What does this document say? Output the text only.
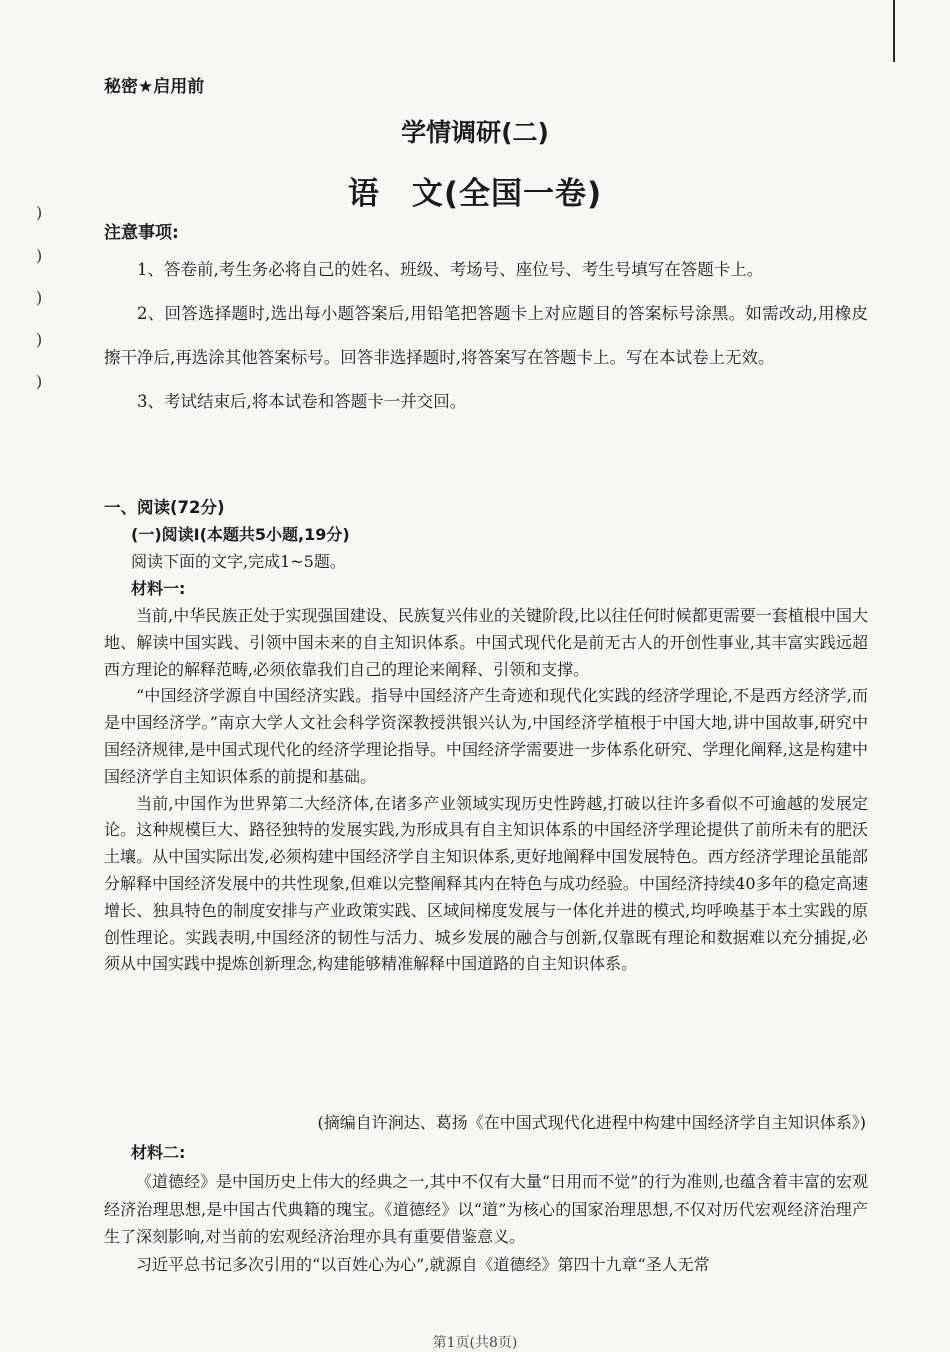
)
)
)
)
)
秘密★启用前
学情调研(二)
语　文(全国一卷)
注意事项:

1、答卷前,考生务必将自己的姓名、班级、考场号、座位号、考生号填写在答题卡上。

2、回答选择题时,选出每小题答案后,用铅笔把答题卡上对应题目的答案标号涂黑。如需改动,用橡皮擦干净后,再选涂其他答案标号。回答非选择题时,将答案写在答题卡上。写在本试卷上无效。

3、考试结束后,将本试卷和答题卡一并交回。

一、阅读(72分)
(一)阅读Ⅰ(本题共5小题,19分)
阅读下面的文字,完成1~5题。
材料一:

当前,中华民族正处于实现强国建设、民族复兴伟业的关键阶段,比以往任何时候都更需要一套植根中国大地、解读中国实践、引领中国未来的自主知识体系。中国式现代化是前无古人的开创性事业,其丰富实践远超西方理论的解释范畴,必须依靠我们自己的理论来阐释、引领和支撑。

“中国经济学源自中国经济实践。指导中国经济产生奇迹和现代化实践的经济学理论,不是西方经济学,而是中国经济学。”南京大学人文社会科学资深教授洪银兴认为,中国经济学植根于中国大地,讲中国故事,研究中国经济规律,是中国式现代化的经济学理论指导。中国经济学需要进一步体系化研究、学理化阐释,这是构建中国经济学自主知识体系的前提和基础。

当前,中国作为世界第二大经济体,在诸多产业领域实现历史性跨越,打破以往许多看似不可逾越的发展定论。这种规模巨大、路径独特的发展实践,为形成具有自主知识体系的中国经济学理论提供了前所未有的肥沃土壤。从中国实际出发,必须构建中国经济学自主知识体系,更好地阐释中国发展特色。西方经济学理论虽能部分解释中国经济发展中的共性现象,但难以完整阐释其内在特色与成功经验。中国经济持续40多年的稳定高速增长、独具特色的制度安排与产业政策实践、区域间梯度发展与一体化并进的模式,均呼唤基于本土实践的原创性理论。实践表明,中国经济的韧性与活力、城乡发展的融合与创新,仅靠既有理论和数据难以充分捕捉,必须从中国实践中提炼创新理念,构建能够精准解释中国道路的自主知识体系。

(摘编自许涧达、葛扬《在中国式现代化进程中构建中国经济学自主知识体系》)
材料二:

《道德经》是中国历史上伟大的经典之一,其中不仅有大量“日用而不觉”的行为准则,也蕴含着丰富的宏观经济治理思想,是中国古代典籍的瑰宝。《道德经》以“道”为核心的国家治理思想,不仅对历代宏观经济治理产生了深刻影响,对当前的宏观经济治理亦具有重要借鉴意义。

习近平总书记多次引用的“以百姓心为心”,就源自《道德经》第四十九章“圣人无常

第1页(共8页)
